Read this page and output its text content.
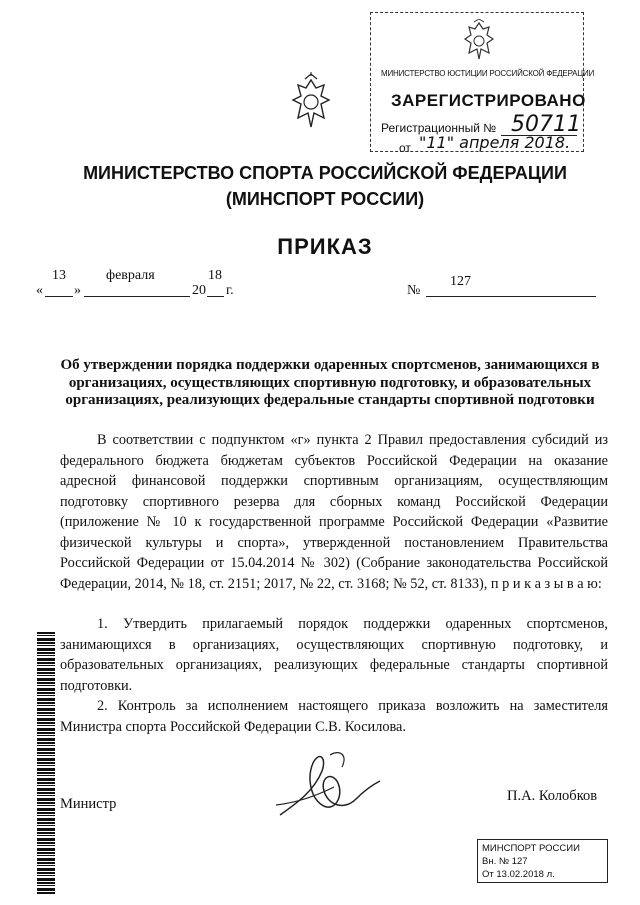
МИНИСТЕРСТВО ЮСТИЦИИ РОССИЙСКОЙ ФЕДЕРАЦИИ
ЗАРЕГИСТРИРОВАНО
Регистрационный № 50711
от "11" апреля 2018.
МИНИСТЕРСТВО СПОРТА РОССИЙСКОЙ ФЕДЕРАЦИИ
(МИНСПОРТ РОССИИ)
ПРИКАЗ
13	февраля	18
« »	20 г.	№
127
Об утверждении порядка поддержки одаренных спортсменов, занимающихся в организациях, осуществляющих спортивную подготовку, и образовательных организациях, реализующих федеральные стандарты спортивной подготовки
В соответствии с подпунктом «г» пункта 2 Правил предоставления субсидий из федерального бюджета бюджетам субъектов Российской Федерации на оказание адресной финансовой поддержки спортивным организациям, осуществляющим подготовку спортивного резерва для сборных команд Российской Федерации (приложение № 10 к государственной программе Российской Федерации «Развитие физической культуры и спорта», утвержденной постановлением Правительства Российской Федерации от 15.04.2014 № 302) (Собрание законодательства Российской Федерации, 2014, № 18, ст. 2151; 2017, № 22, ст. 3168; № 52, ст. 8133), п р и к а з ы в а ю:
1. Утвердить прилагаемый порядок поддержки одаренных спортсменов, занимающихся в организациях, осуществляющих спортивную подготовку, и образовательных организациях, реализующих федеральные стандарты спортивной подготовки.
2. Контроль за исполнением настоящего приказа возложить на заместителя Министра спорта Российской Федерации С.В. Косилова.
Министр	П.А. Колобков
МИНСПОРТ РОССИИ
Вн. № 127
От 13.02.2018 л.
